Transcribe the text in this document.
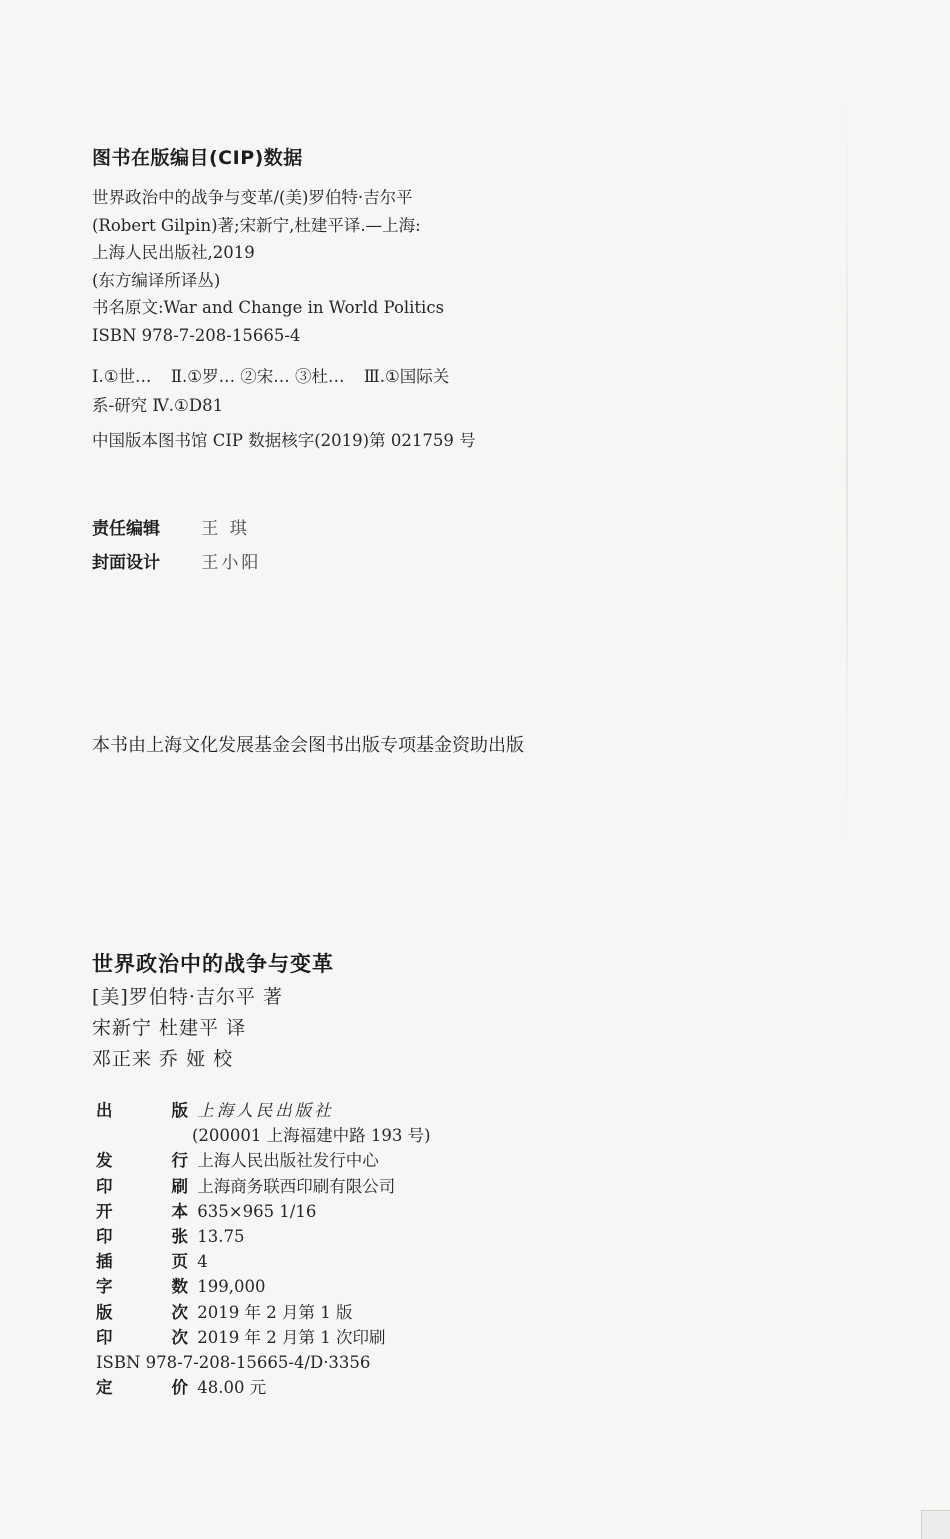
图书在版编目(CIP)数据
世界政治中的战争与变革/(美)罗伯特·吉尔平
(Robert Gilpin)著;宋新宁,杜建平译.—上海:
上海人民出版社,2019
(东方编译所译丛)
书名原文:War and Change in World Politics
ISBN 978-7-208-15665-4
Ⅰ.①世… Ⅱ.①罗… ②宋… ③杜… Ⅲ.①国际关
系-研究 Ⅳ.①D81
中国版本图书馆 CIP 数据核字(2019)第 021759 号
责任编辑 王 琪
封面设计 王小阳
本书由上海文化发展基金会图书出版专项基金资助出版
世界政治中的战争与变革
[美]罗伯特·吉尔平 著
宋新宁 杜建平 译
邓正来 乔 娅 校
出 版 上海人民出版社
(200001 上海福建中路 193 号)
发 行 上海人民出版社发行中心
印 刷 上海商务联西印刷有限公司
开 本 635×965 1/16
印 张 13.75
插 页 4
字 数 199,000
版 次 2019 年 2 月第 1 版
印 次 2019 年 2 月第 1 次印刷
ISBN 978-7-208-15665-4/D·3356
定 价 48.00 元
